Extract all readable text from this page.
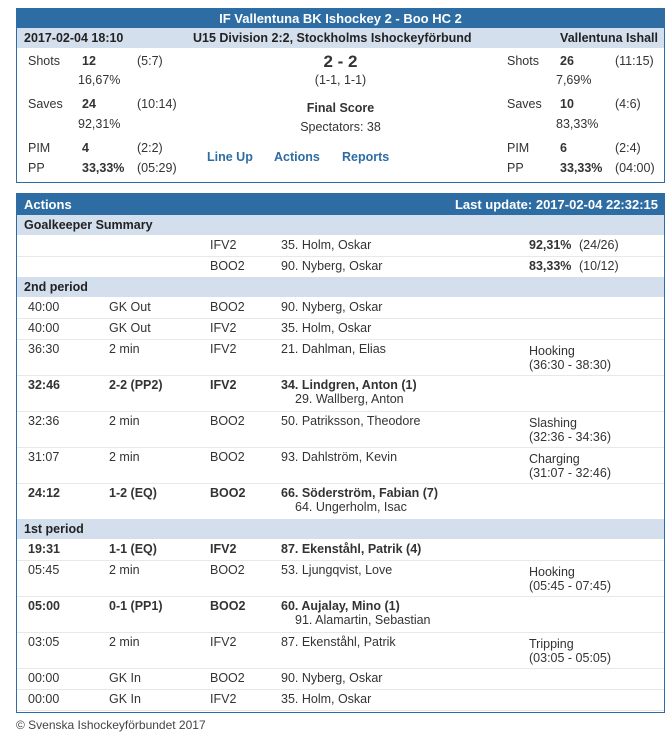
IF Vallentuna BK Ishockey 2 - Boo HC 2
2017-02-04 18:10	U15 Division 2:2, Stockholms Ishockeyförbund	Vallentuna Ishall
Shots 12	(5:7)
16,67%
Saves 24	(10:14)
92,31%
PIM	4	(2:2)
PP	33,33% (05:29)
2 - 2
(1-1, 1-1)
Final Score
Spectators: 38
Line Up Actions Reports
Shots 26	(11:15)
7,69%
Saves 10	(4:6)
83,33%
PIM 6	(2:4)
PP	33,33% (04:00)
Actions	Last update: 2017-02-04 22:32:15
Goalkeeper Summary
IFV2	35. Holm, Oskar	92,31% (24/26)
BOO2	90. Nyberg, Oskar	83,33% (10/12)
2nd period
40:00	GK Out	BOO2	90. Nyberg, Oskar
40:00	GK Out	IFV2	35. Holm, Oskar
36:30	2 min	IFV2	21. Dahlman, Elias	Hooking
(36:30 - 38:30)
32:46	2-2 (PP2)	IFV2	34. Lindgren, Anton (1)
29. Wallberg, Anton
32:36	2 min	BOO2	50. Patriksson, Theodore	Slashing
(32:36 - 34:36)
31:07	2 min	BOO2	93. Dahlström, Kevin	Charging
(31:07 - 32:46)
24:12	1-2 (EQ)	BOO2	66. Söderström, Fabian (7)
64. Ungerholm, Isac
1st period
19:31	1-1 (EQ)	IFV2	87. Ekenståhl, Patrik (4)
05:45	2 min	BOO2	53. Ljungqvist, Love	Hooking
(05:45 - 07:45)
05:00	0-1 (PP1)	BOO2	60. Aujalay, Mino (1)
91. Alamartin, Sebastian
03:05	2 min	IFV2	87. Ekenståhl, Patrik	Tripping
(03:05 - 05:05)
00:00	GK In	BOO2	90. Nyberg, Oskar
00:00	GK In	IFV2	35. Holm, Oskar
© Svenska Ishockeyförbundet 2017
